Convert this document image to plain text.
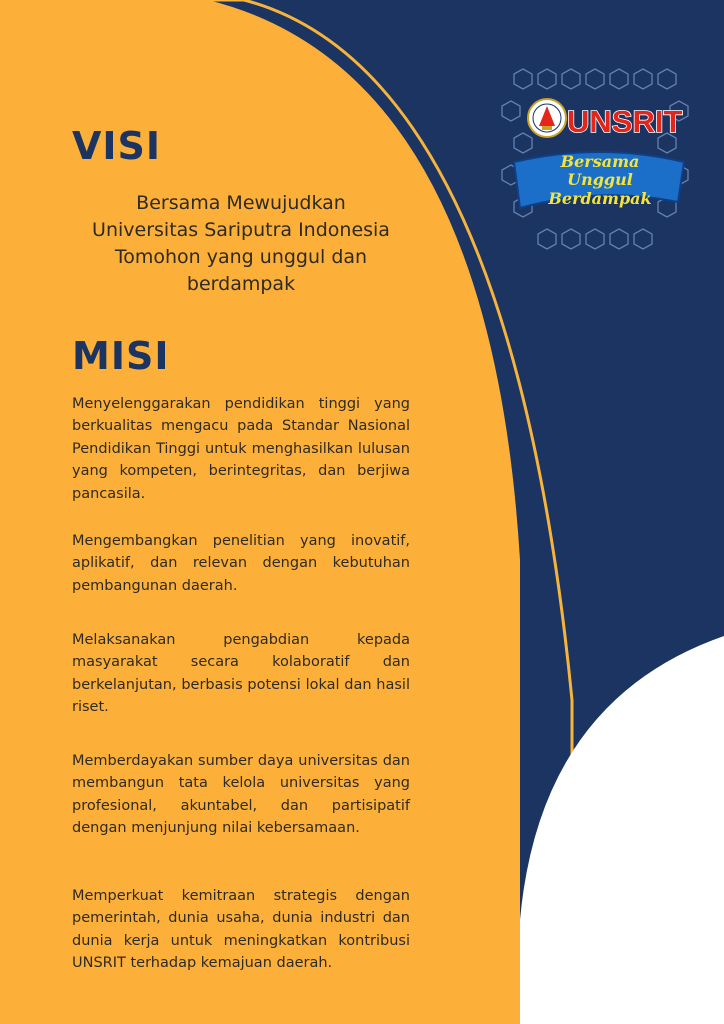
VISI

Bersama Mewujudkan Universitas Sariputra Indonesia Tomohon yang unggul dan berdampak

MISI
Menyelenggarakan pendidikan tinggi yang berkualitas mengacu pada Standar Nasional Pendidikan Tinggi untuk menghasilkan lulusan yang kompeten, berintegritas, dan berjiwa pancasila.
Mengembangkan penelitian yang inovatif, aplikatif, dan relevan dengan kebutuhan pembangunan daerah.
Melaksanakan pengabdian kepada masyarakat secara kolaboratif dan berkelanjutan, berbasis potensi lokal dan hasil riset.
Memberdayakan sumber daya universitas dan membangun tata kelola universitas yang profesional, akuntabel, dan partisipatif dengan menjunjung nilai kebersamaan.
Memperkuat kemitraan strategis dengan pemerintah, dunia usaha, dunia industri dan dunia kerja untuk meningkatkan kontribusi UNSRIT terhadap kemajuan daerah.
UNSRIT
Bersama
Unggul
Berdampak
